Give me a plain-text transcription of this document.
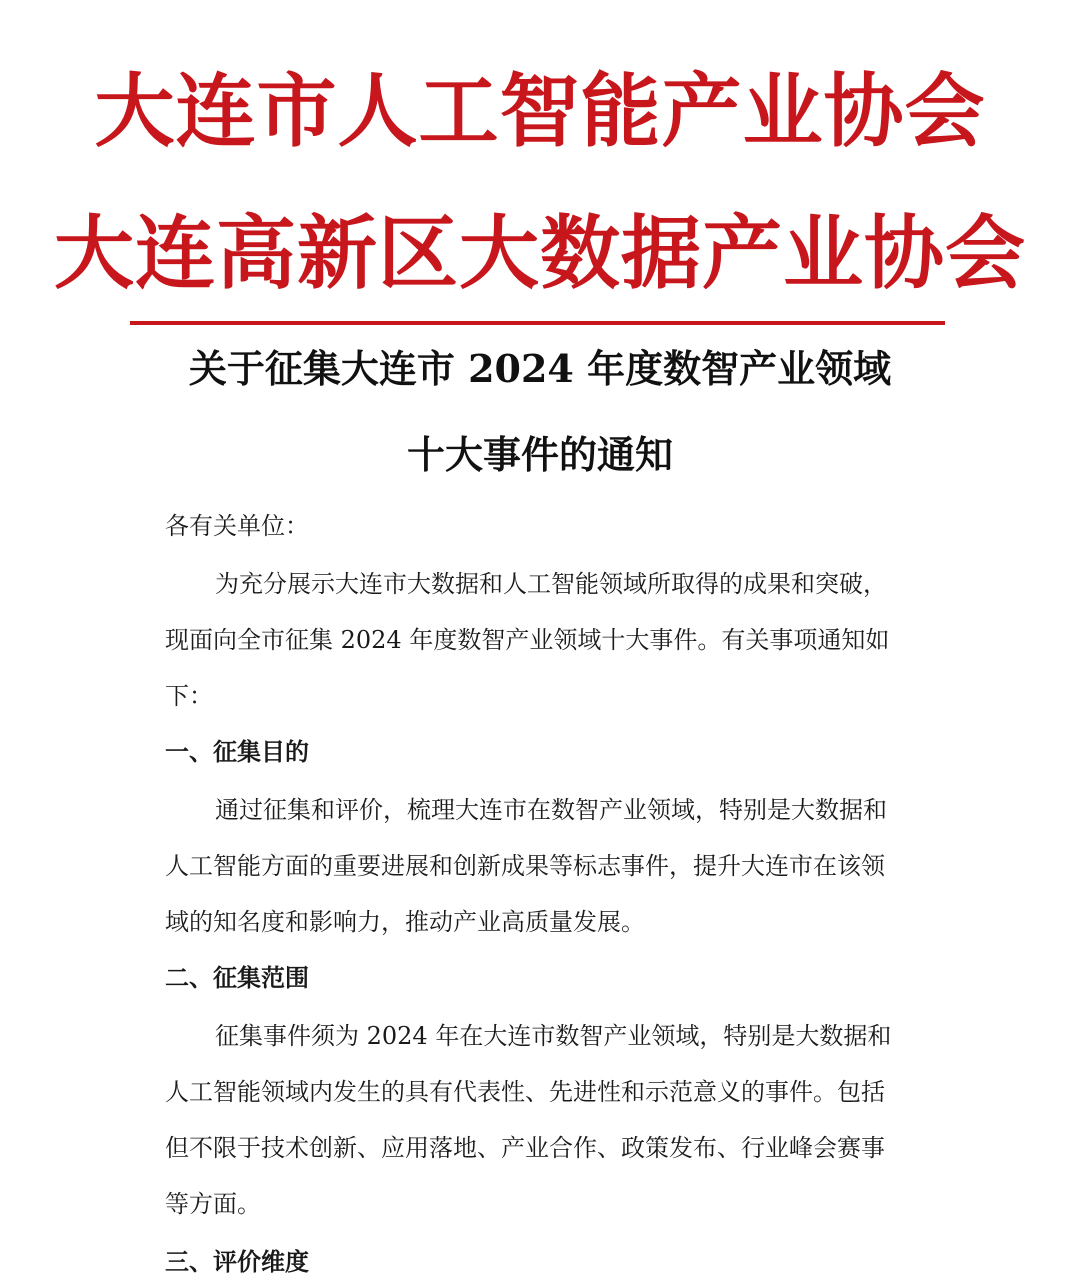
大连市人工智能产业协会
大连高新区大数据产业协会
关于征集大连市 2024 年度数智产业领域
十大事件的通知
各有关单位：
为充分展示大连市大数据和人工智能领域所取得的成果和突破，
现面向全市征集 2024 年度数智产业领域十大事件。有关事项通知如
下：
一、征集目的
通过征集和评价，梳理大连市在数智产业领域，特别是大数据和
人工智能方面的重要进展和创新成果等标志事件，提升大连市在该领
域的知名度和影响力，推动产业高质量发展。
二、征集范围
征集事件须为 2024 年在大连市数智产业领域，特别是大数据和
人工智能领域内发生的具有代表性、先进性和示范意义的事件。包括
但不限于技术创新、应用落地、产业合作、政策发布、行业峰会赛事
等方面。
三、评价维度
